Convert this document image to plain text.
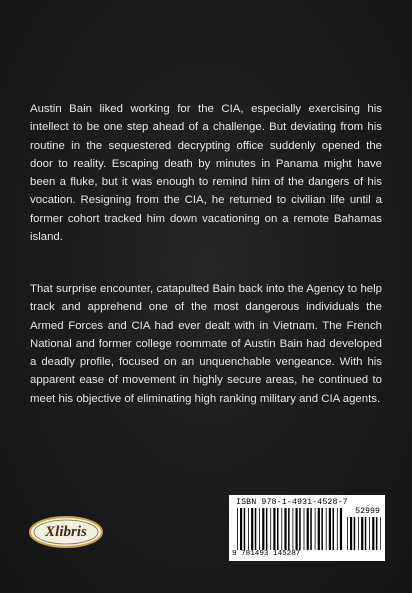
Austin Bain liked working for the CIA, especially exercising his intellect to be one step ahead of a challenge. But deviating from his routine in the sequestered decrypting office suddenly opened the door to reality. Escaping death by minutes in Panama might have been a fluke, but it was enough to remind him of the dangers of his vocation. Resigning from the CIA, he returned to civilian life until a former cohort tracked him down vacationing on a remote Bahamas island.

That surprise encounter, catapulted Bain back into the Agency to help track and apprehend one of the most dangerous individuals the Armed Forces and CIA had ever dealt with in Vietnam. The French National and former college roommate of Austin Bain had developed a deadly profile, focused on an unquenchable vengeance. With his apparent ease of movement in highly secure areas, he continued to meet his objective of eliminating high ranking military and CIA agents.

Xlibris
ISBN 978-1-4931-4528-7
52999
9 781493 145287
